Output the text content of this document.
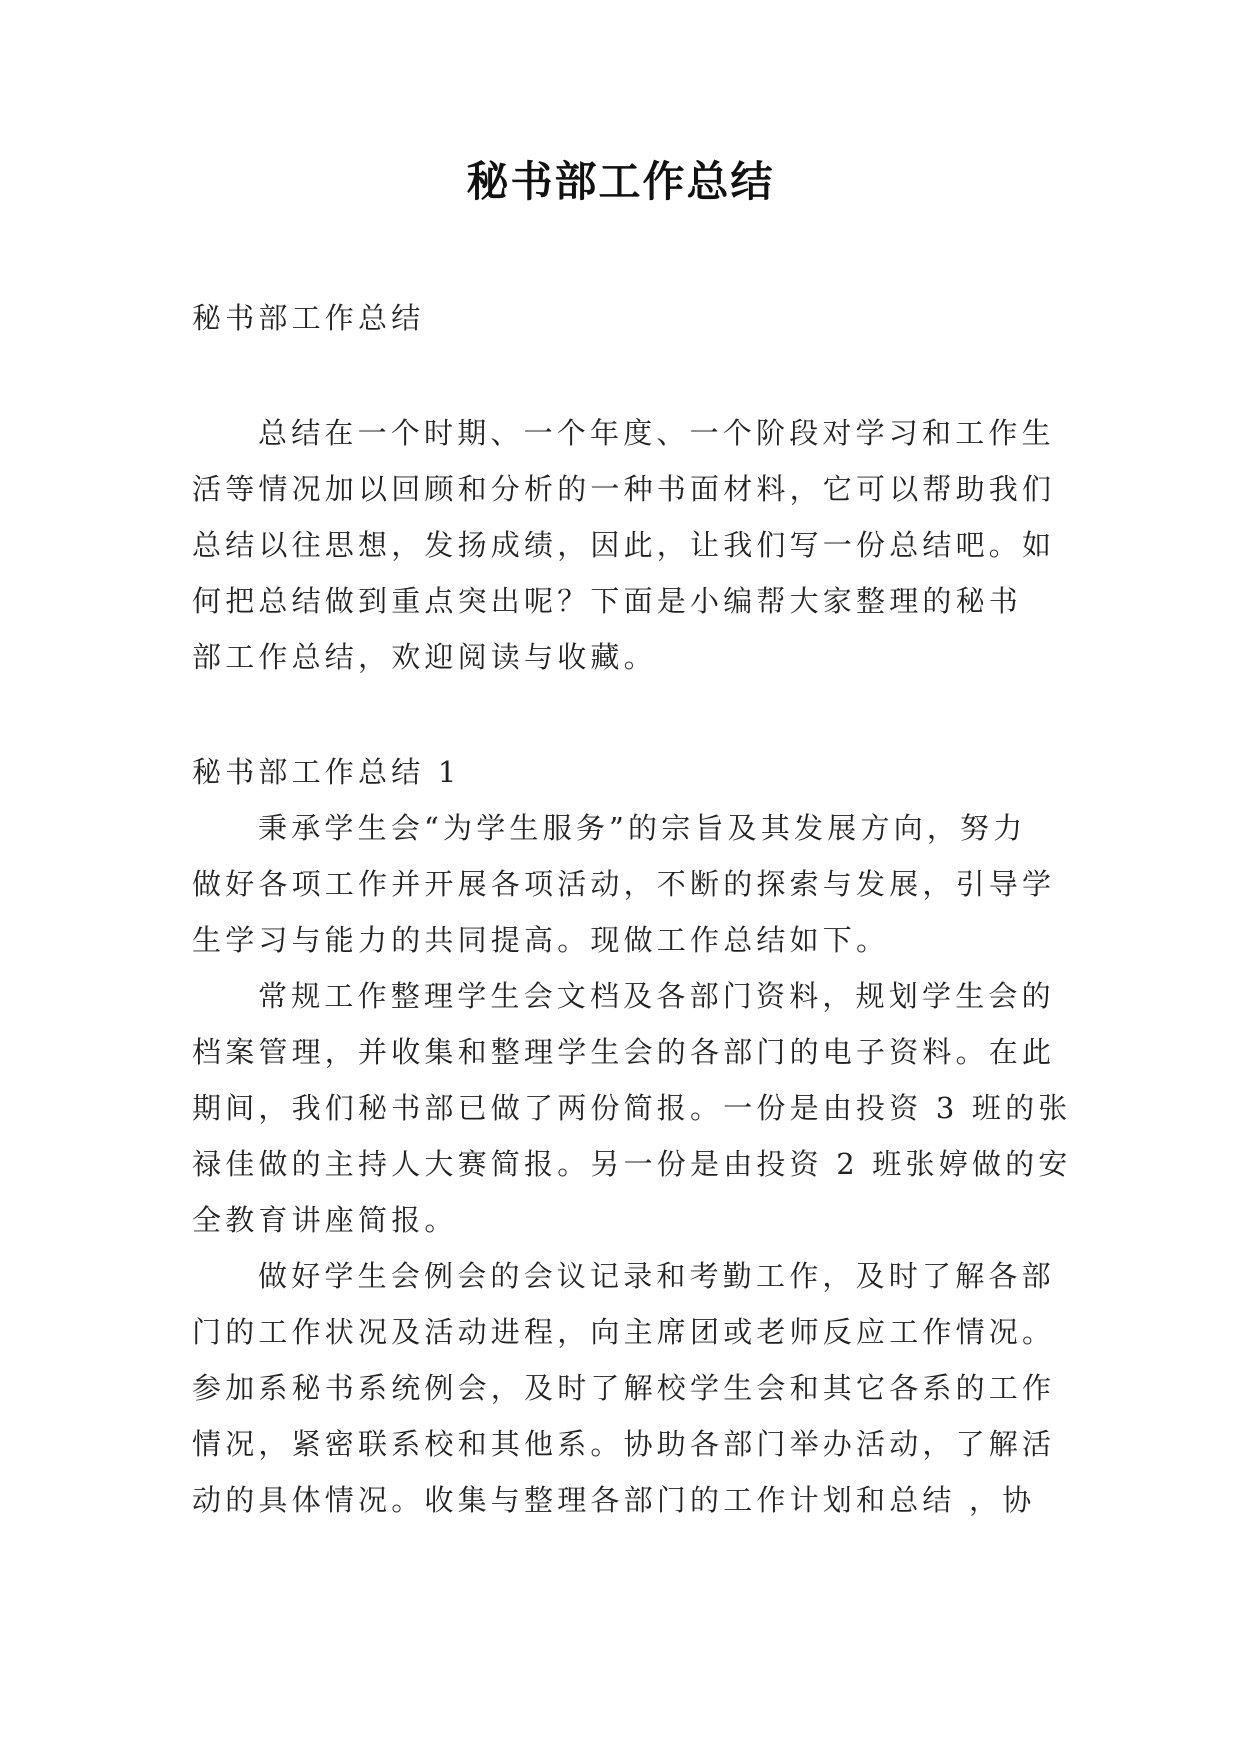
秘书部工作总结
秘书部工作总结
总结在一个时期、一个年度、一个阶段对学习和工作生
活等情况加以回顾和分析的一种书面材料，它可以帮助我们
总结以往思想，发扬成绩，因此，让我们写一份总结吧。如
何把总结做到重点突出呢？下面是小编帮大家整理的秘书
部工作总结，欢迎阅读与收藏。
秘书部工作总结 1
秉承学生会“为学生服务”的宗旨及其发展方向，努力
做好各项工作并开展各项活动，不断的探索与发展，引导学
生学习与能力的共同提高。现做工作总结如下。
常规工作整理学生会文档及各部门资料，规划学生会的
档案管理，并收集和整理学生会的各部门的电子资料。在此
期间，我们秘书部已做了两份简报。一份是由投资 3 班的张
禄佳做的主持人大赛简报。另一份是由投资 2 班张婷做的安
全教育讲座简报。
做好学生会例会的会议记录和考勤工作，及时了解各部
门的工作状况及活动进程，向主席团或老师反应工作情况。
参加系秘书系统例会，及时了解校学生会和其它各系的工作
情况，紧密联系校和其他系。协助各部门举办活动，了解活
动的具体情况。收集与整理各部门的工作计划和总结 ，协
